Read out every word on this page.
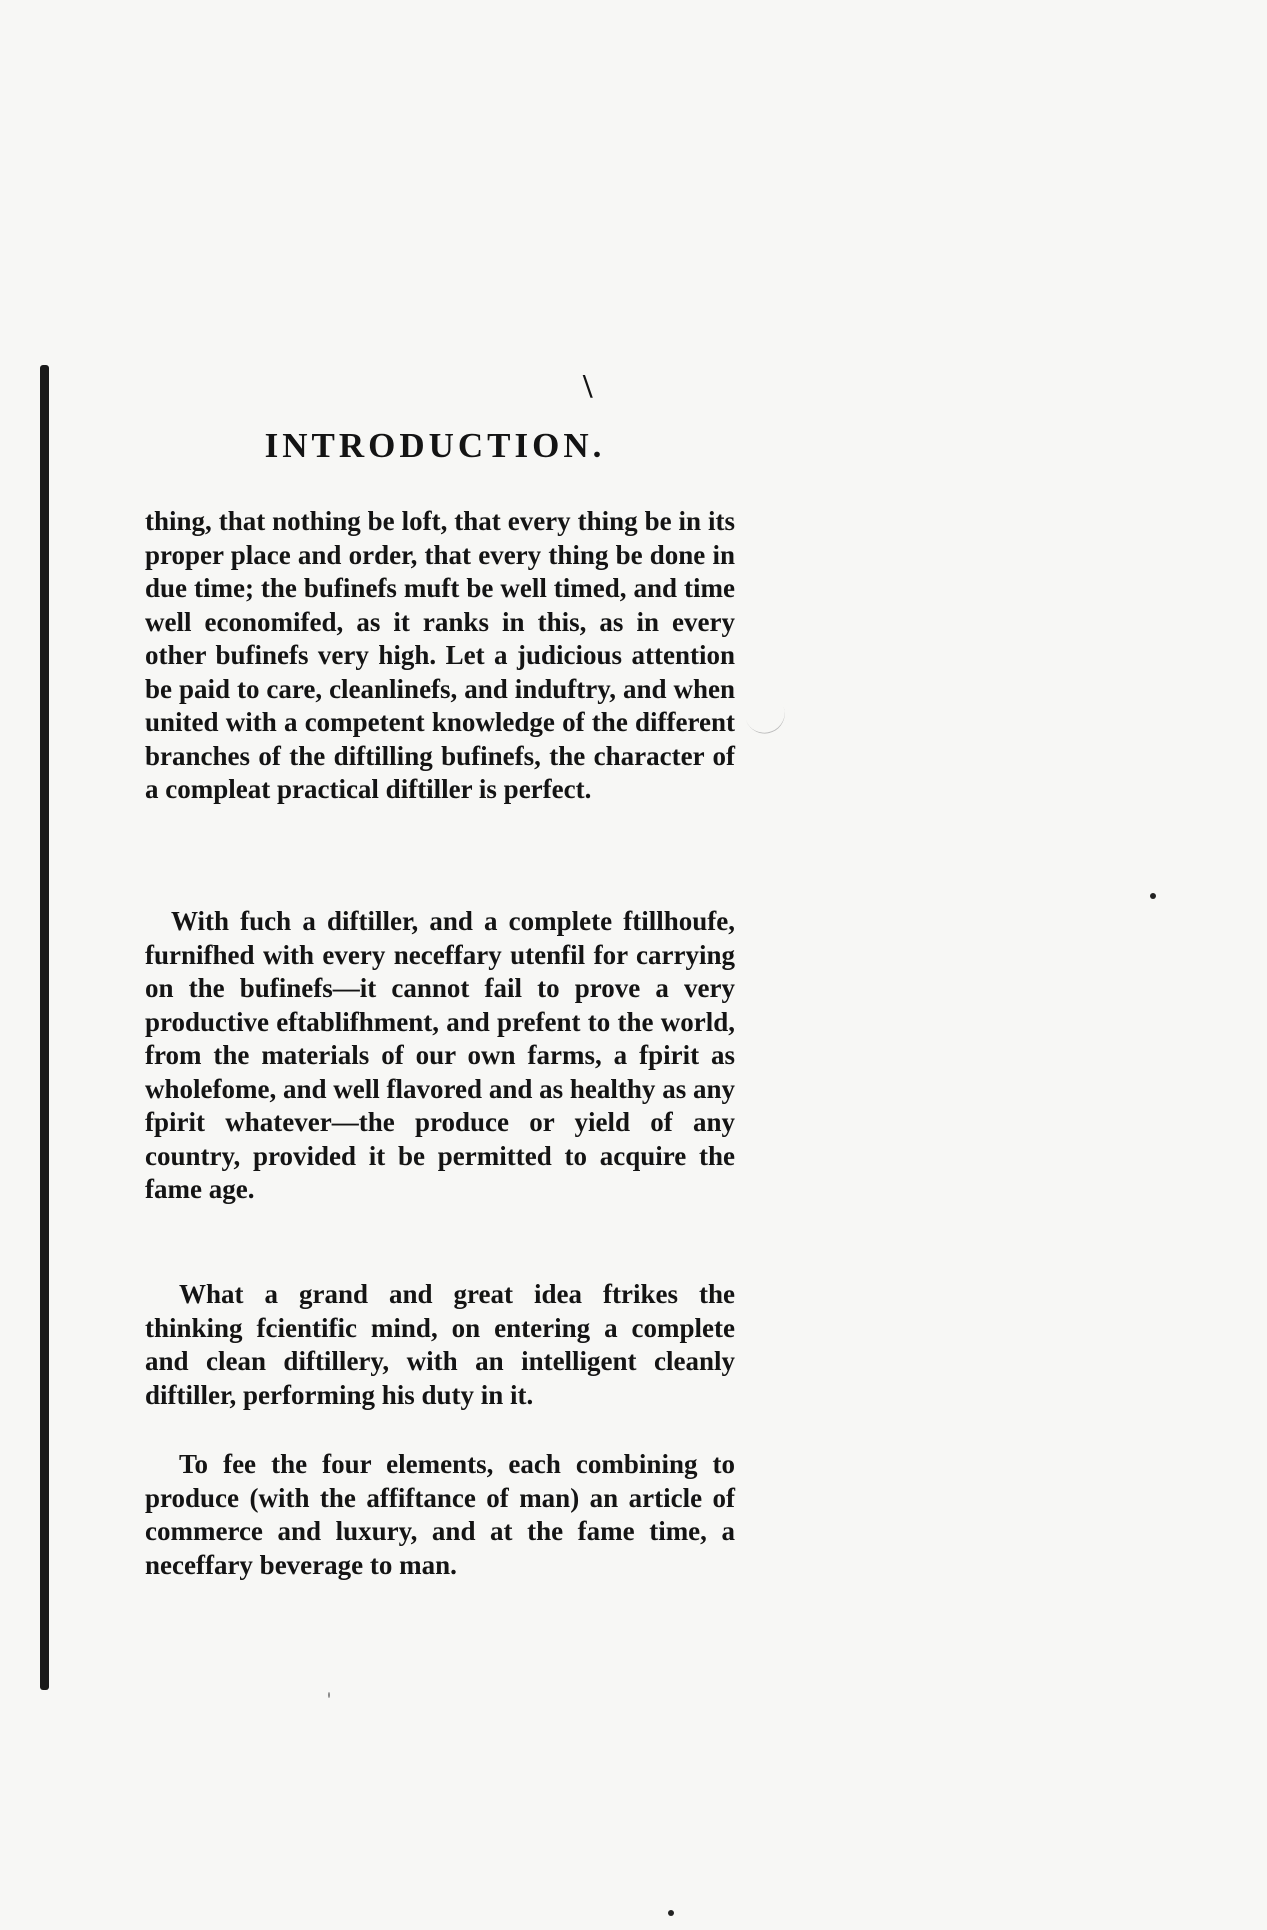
\
INTRODUCTION.

thing, that nothing be loft, that every thing be in its proper place and order, that every thing be done in due time; the bufinefs muft be well timed, and time well economifed, as it ranks in this, as in every other bufinefs very high. Let a judicious attention be paid to care, cleanlinefs, and induftry, and when united with a competent knowledge of the different branches of the diftilling bufinefs, the character of a compleat practical diftiller is perfect.

With fuch a diftiller, and a complete ftillhoufe, furnifhed with every neceffary utenfil for carrying on the bufinefs—it cannot fail to prove a very productive eftablifhment, and prefent to the world, from the materials of our own farms, a fpirit as wholefome, and well flavored and as healthy as any fpirit whatever—the produce or yield of any country, provided it be permitted to acquire the fame age.

What a grand and great idea ftrikes the thinking fcientific mind, on entering a complete and clean diftillery, with an intelligent cleanly diftiller, performing his duty in it.

To fee the four elements, each combining to produce (with the affiftance of man) an article of commerce and luxury, and at the fame time, a neceffary beverage to man.
